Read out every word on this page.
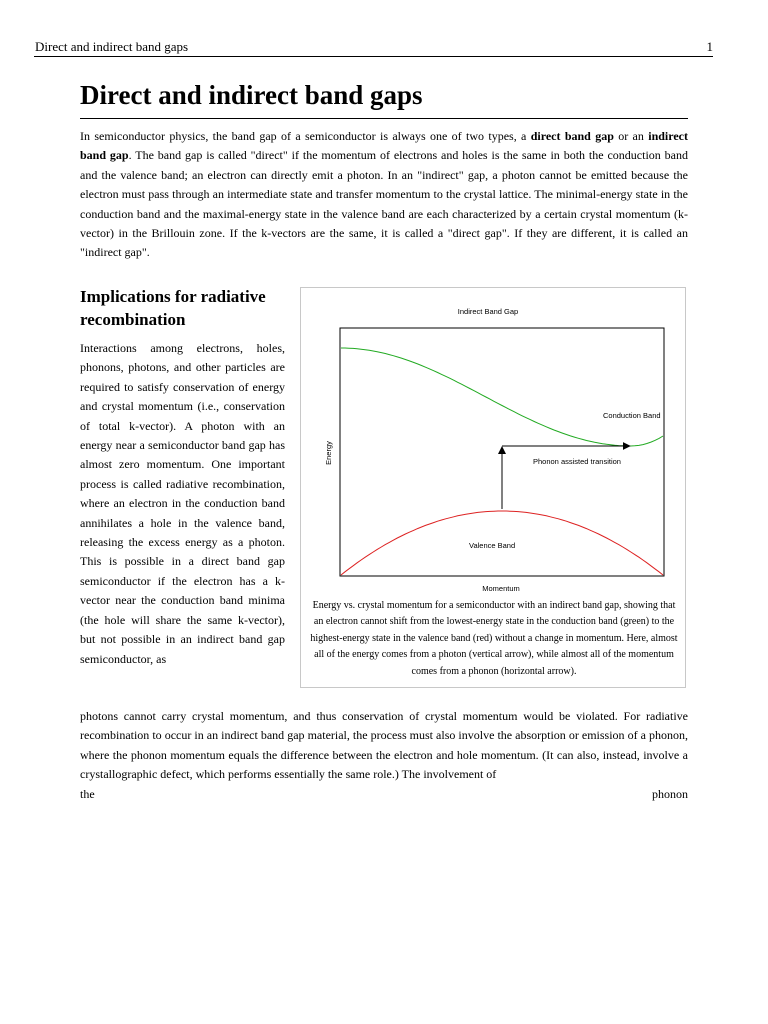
Direct and indirect band gaps	1
Direct and indirect band gaps

In semiconductor physics, the band gap of a semiconductor is always one of two types, a direct band gap or an indirect band gap. The band gap is called "direct" if the momentum of electrons and holes is the same in both the conduction band and the valence band; an electron can directly emit a photon. In an "indirect" gap, a photon cannot be emitted because the electron must pass through an intermediate state and transfer momentum to the crystal lattice. The minimal-energy state in the conduction band and the maximal-energy state in the valence band are each characterized by a certain crystal momentum (k-vector) in the Brillouin zone. If the k-vectors are the same, it is called a "direct gap". If they are different, it is called an "indirect gap".

Implications for radiative recombination

Interactions among electrons, holes, phonons, photons, and other particles are required to satisfy conservation of energy and crystal momentum (i.e., conservation of total k-vector). A photon with an energy near a semiconductor band gap has almost zero momentum. One important process is called radiative recombination, where an electron in the conduction band annihilates a hole in the valence band, releasing the excess energy as a photon. This is possible in a direct band gap semiconductor if the electron has a k-vector near the conduction band minima (the hole will share the same k-vector), but not possible in an indirect band gap semiconductor, as

photons cannot carry crystal momentum, and thus conservation of crystal momentum would be violated. For radiative recombination to occur in an indirect band gap material, the process must also involve the absorption or emission of a phonon, where the phonon momentum equals the difference between the electron and hole momentum. (It can also, instead, involve a crystallographic defect, which performs essentially the same role.) The involvement of
the	phonon
Indirect Band Gap
Conduction Band
Phonon assisted transition
Valence Band
Energy
Momentum

Energy vs. crystal momentum for a semiconductor with an indirect band gap, showing that an electron cannot shift from the lowest-energy state in the conduction band (green) to the highest-energy state in the valence band (red) without a change in momentum. Here, almost all of the energy comes from a photon (vertical arrow), while almost all of the momentum comes from a phonon (horizontal arrow).
